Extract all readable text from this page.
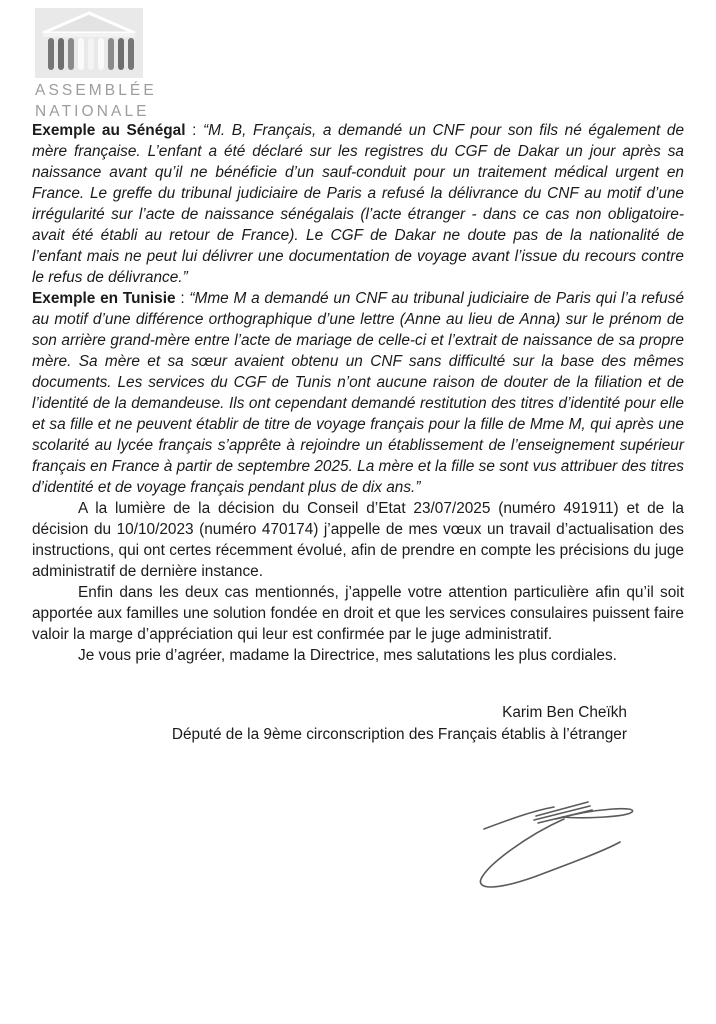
ASSEMBLÉE
NATIONALE

Exemple au Sénégal : “M. B, Français, a demandé un CNF pour son fils né également de mère française. L’enfant a été déclaré sur les registres du CGF de Dakar un jour après sa naissance avant qu’il ne bénéficie d’un sauf-conduit pour un traitement médical urgent en France. Le greffe du tribunal judiciaire de Paris a refusé la délivrance du CNF au motif d’une irrégularité sur l’acte de naissance sénégalais (l’acte étranger - dans ce cas non obligatoire- avait été établi au retour de France). Le CGF de Dakar ne doute pas de la nationalité de l’enfant mais ne peut lui délivrer une documentation de voyage avant l’issue du recours contre le refus de délivrance.”

Exemple en Tunisie : “Mme M a demandé un CNF au tribunal judiciaire de Paris qui l’a refusé au motif d’une différence orthographique d’une lettre (Anne au lieu de Anna) sur le prénom de son arrière grand-mère entre l’acte de mariage de celle-ci et l’extrait de naissance de sa propre mère. Sa mère et sa sœur avaient obtenu un CNF sans difficulté sur la base des mêmes documents. Les services du CGF de Tunis n’ont aucune raison de douter de la filiation et de l’identité de la demandeuse. Ils ont cependant demandé restitution des titres d’identité pour elle et sa fille et ne peuvent établir de titre de voyage français pour la fille de Mme M, qui après une scolarité au lycée français s’apprête à rejoindre un établissement de l’enseignement supérieur français en France à partir de septembre 2025. La mère et la fille se sont vus attribuer des titres d’identité et de voyage français pendant plus de dix ans.”

A la lumière de la décision du Conseil d’Etat 23/07/2025 (numéro 491911) et de la décision du 10/10/2023 (numéro 470174) j’appelle de mes vœux un travail d’actualisation des instructions, qui ont certes récemment évolué, afin de prendre en compte les précisions du juge administratif de dernière instance.

Enfin dans les deux cas mentionnés, j’appelle votre attention particulière afin qu’il soit apportée aux familles une solution fondée en droit et que les services consulaires puissent faire valoir la marge d’appréciation qui leur est confirmée par le juge administratif.

Je vous prie d’agréer, madame la Directrice, mes salutations les plus cordiales.

Karim Ben Cheïkh
Député de la 9ème circonscription des Français établis à l’étranger
